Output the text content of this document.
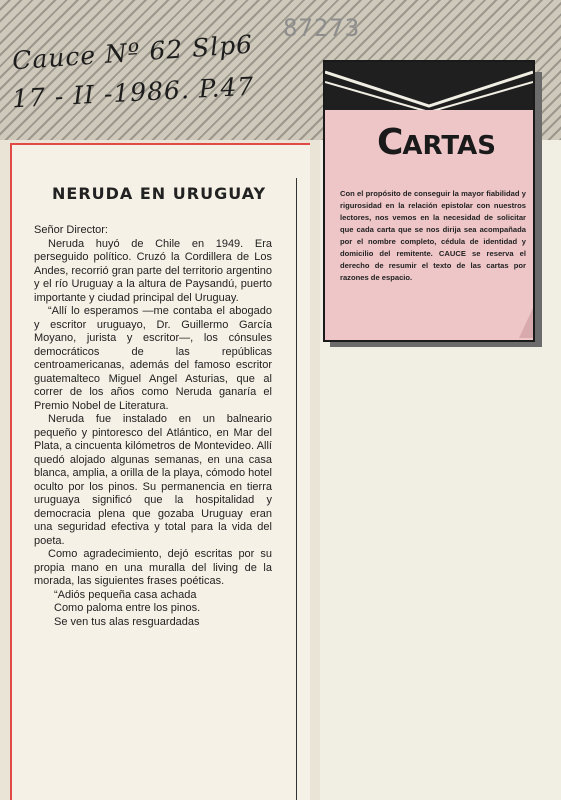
Cauce Nº 62 Slp6
17 - II -1986. P.47
87273
NERUDA EN URUGUAY

Señor Director:

Neruda huyó de Chile en 1949. Era perseguido político. Cruzó la Cordillera de Los Andes, recorrió gran parte del territorio argentino y el río Uruguay a la altura de Paysandú, puerto importante y ciudad principal del Uruguay.

“Allí lo esperamos —me contaba el abogado y escritor uruguayo, Dr. Guillermo García Moyano, jurista y escritor—, los cónsules democráticos de las repúblicas centroamericanas, además del famoso escritor guatemalteco Miguel Angel Asturias, que al correr de los años como Neruda ganaría el Premio Nobel de Literatura.

Neruda fue instalado en un balneario pequeño y pintoresco del Atlántico, en Mar del Plata, a cincuenta kilómetros de Montevideo. Allí quedó alojado algunas semanas, en una casa blanca, amplia, a orilla de la playa, cómodo hotel oculto por los pinos. Su permanencia en tierra uruguaya significó que la hospitalidad y democracia plena que gozaba Uruguay eran una seguridad efectiva y total para la vida del poeta.

Como agradecimiento, dejó escritas por su propia mano en una muralla del living de la morada, las siguientes frases poéticas.

“Adiós pequeña casa achada

Como paloma entre los pinos.

Se ven tus alas resguardadas

CARTAS

Con el propósito de conseguir la mayor fiabilidad y rigurosidad en la relación epistolar con nuestros lectores, nos vemos en la necesidad de solicitar que cada carta que se nos dirija sea acompañada por el nombre completo, cédula de identidad y domicilio del remitente. CAUCE se reserva el derecho de resumir el texto de las cartas por razones de espacio.
